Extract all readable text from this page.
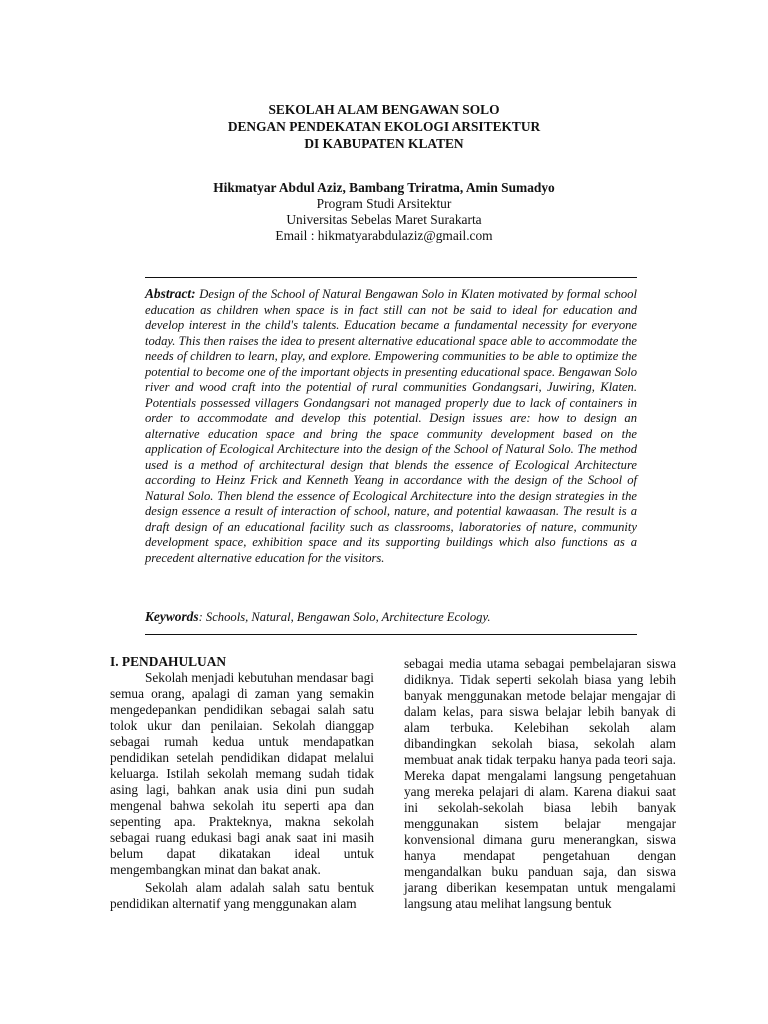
SEKOLAH ALAM BENGAWAN SOLO
DENGAN PENDEKATAN EKOLOGI ARSITEKTUR
DI KABUPATEN KLATEN
Hikmatyar Abdul Aziz, Bambang Triratma, Amin Sumadyo
Program Studi Arsitektur
Universitas Sebelas Maret Surakarta
Email : hikmatyarabdulaziz@gmail.com

Abstract: Design of the School of Natural Bengawan Solo in Klaten motivated by formal school education as children when space is in fact still can not be said to ideal for education and develop interest in the child's talents. Education became a fundamental necessity for everyone today. This then raises the idea to present alternative educational space able to accommodate the needs of children to learn, play, and explore. Empowering communities to be able to optimize the potential to become one of the important objects in presenting educational space. Bengawan Solo river and wood craft into the potential of rural communities Gondangsari, Juwiring, Klaten. Potentials possessed villagers Gondangsari not managed properly due to lack of containers in order to accommodate and develop this potential. Design issues are: how to design an alternative education space and bring the space community development based on the application of Ecological Architecture into the design of the School of Natural Solo. The method used is a method of architectural design that blends the essence of Ecological Architecture according to Heinz Frick and Kenneth Yeang in accordance with the design of the School of Natural Solo. Then blend the essence of Ecological Architecture into the design strategies in the design essence a result of interaction of school, nature, and potential kawaasan. The result is a draft design of an educational facility such as classrooms, laboratories of nature, community development space, exhibition space and its supporting buildings which also functions as a precedent alternative education for the visitors.

Keywords: Schools, Natural, Bengawan Solo, Architecture Ecology.

I. PENDAHULUAN

Sekolah menjadi kebutuhan mendasar bagi semua orang, apalagi di zaman yang semakin mengedepankan pendidikan sebagai salah satu tolok ukur dan penilaian. Sekolah dianggap sebagai rumah kedua untuk mendapatkan pendidikan setelah pendidikan didapat melalui keluarga. Istilah sekolah memang sudah tidak asing lagi, bahkan anak usia dini pun sudah mengenal bahwa sekolah itu seperti apa dan sepenting apa. Prakteknya, makna sekolah sebagai ruang edukasi bagi anak saat ini masih belum dapat dikatakan ideal untuk mengembangkan minat dan bakat anak.

Sekolah alam adalah salah satu bentuk pendidikan alternatif yang menggunakan alam

sebagai media utama sebagai pembelajaran siswa didiknya. Tidak seperti sekolah biasa yang lebih banyak menggunakan metode belajar mengajar di dalam kelas, para siswa belajar lebih banyak di alam terbuka. Kelebihan sekolah alam dibandingkan sekolah biasa, sekolah alam membuat anak tidak terpaku hanya pada teori saja. Mereka dapat mengalami langsung pengetahuan yang mereka pelajari di alam. Karena diakui saat ini sekolah-sekolah biasa lebih banyak menggunakan sistem belajar mengajar konvensional dimana guru menerangkan, siswa hanya mendapat pengetahuan dengan mengandalkan buku panduan saja, dan siswa jarang diberikan kesempatan untuk mengalami langsung atau melihat langsung bentuk
